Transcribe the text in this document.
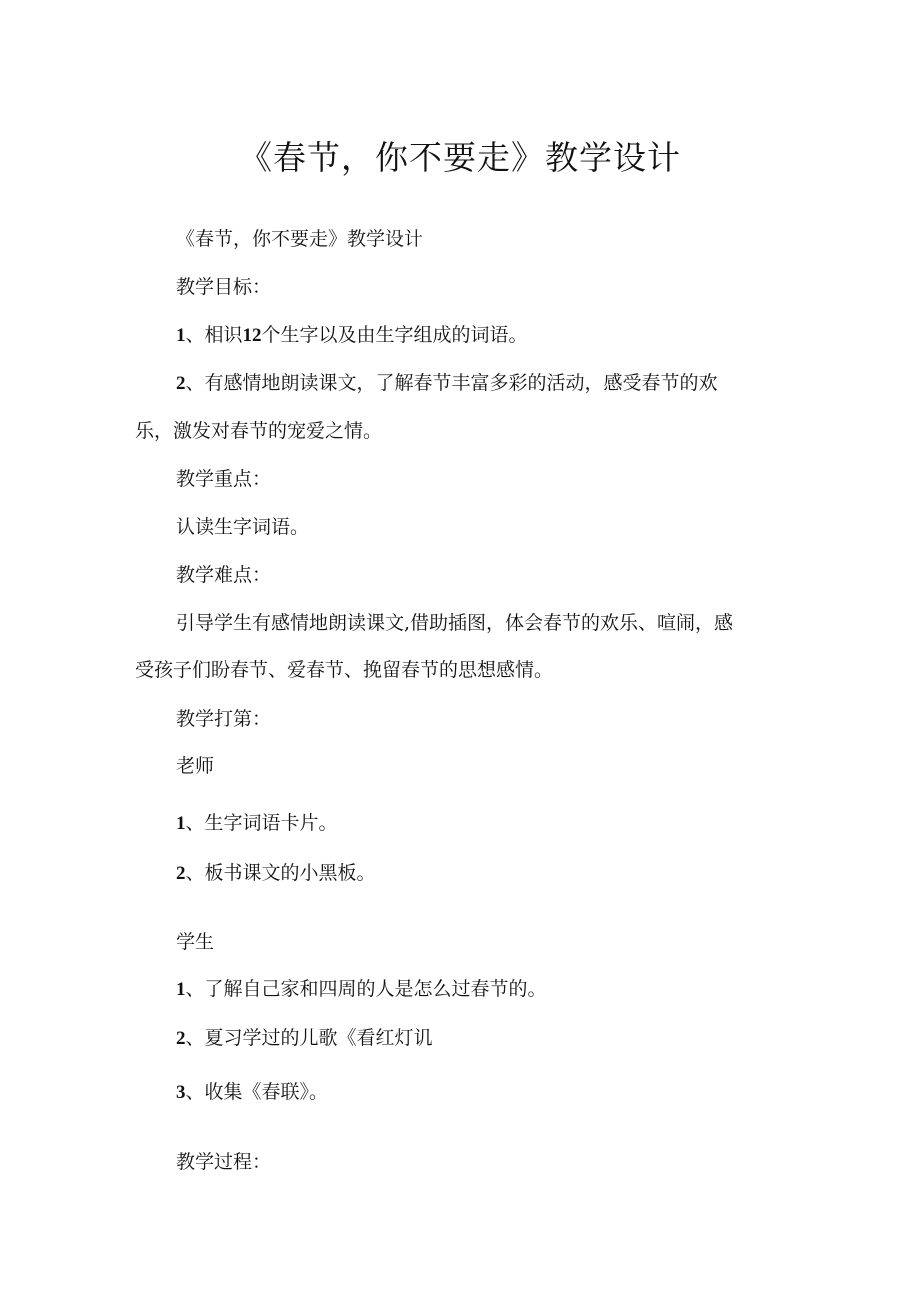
《春节，你不要走》教学设计
《春节，你不要走》教学设计
教学目标：
1、相识12个生字以及由生字组成的词语。
2、有感情地朗读课文，了解春节丰富多彩的活动，感受春节的欢
乐，激发对春节的宠爱之情。
教学重点：
认读生字词语。
教学难点：
引导学生有感情地朗读课文,借助插图，体会春节的欢乐、喧闹，感
受孩子们盼春节、爱春节、挽留春节的思想感情。
教学打第：
老师
1、生字词语卡片。
2、板书课文的小黑板。
学生
1、了解自己家和四周的人是怎么过春节的。
2、夏习学过的儿歌《看红灯讥
3、收集《春联》。
教学过程：
